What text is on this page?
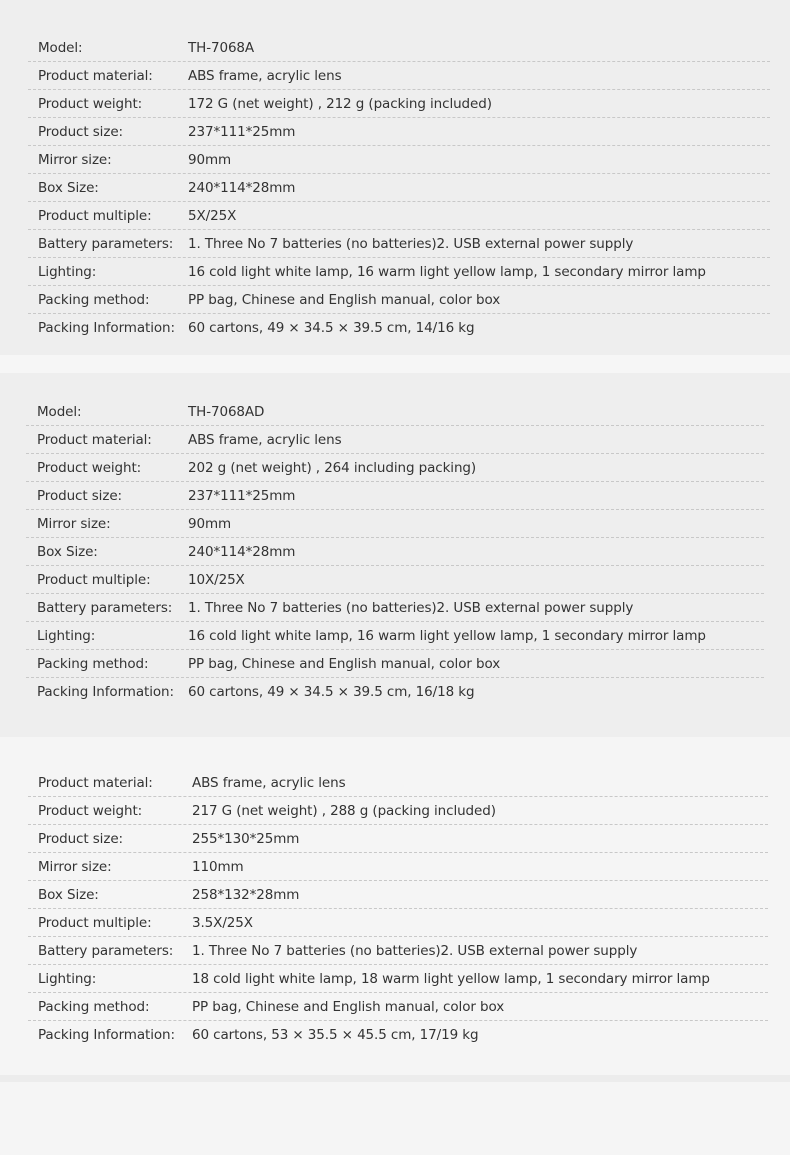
Model:	TH-7068A
Product material:	ABS frame, acrylic lens
Product weight:	172 G (net weight) , 212 g (packing included)
Product size:	237*111*25mm
Mirror size:	90mm
Box Size:	240*114*28mm
Product multiple:	5X/25X
Battery parameters:	1. Three No 7 batteries (no batteries)2. USB external power supply
Lighting:	16 cold light white lamp, 16 warm light yellow lamp, 1 secondary mirror lamp
Packing method:	PP bag, Chinese and English manual, color box
Packing Information: 60 cartons, 49 × 34.5 × 39.5 cm, 14/16 kg
Model:	TH-7068AD
Product material:	ABS frame, acrylic lens
Product weight:	202 g (net weight) , 264 including packing)
Product size:	237*111*25mm
Mirror size:	90mm
Box Size:	240*114*28mm
Product multiple:	10X/25X
Battery parameters:	1. Three No 7 batteries (no batteries)2. USB external power supply
Lighting:	16 cold light white lamp, 16 warm light yellow lamp, 1 secondary mirror lamp
Packing method:	PP bag, Chinese and English manual, color box
Packing Information:	60 cartons, 49 × 34.5 × 39.5 cm, 16/18 kg
Product material:	ABS frame, acrylic lens
Product weight:	217 G (net weight) , 288 g (packing included)
Product size:	255*130*25mm
Mirror size:	110mm
Box Size:	258*132*28mm
Product multiple:	3.5X/25X
Battery parameters:	1. Three No 7 batteries (no batteries)2. USB external power supply
Lighting:	18 cold light white lamp, 18 warm light yellow lamp, 1 secondary mirror lamp
Packing method:	PP bag, Chinese and English manual, color box
Packing Information:	60 cartons, 53 × 35.5 × 45.5 cm, 17/19 kg
